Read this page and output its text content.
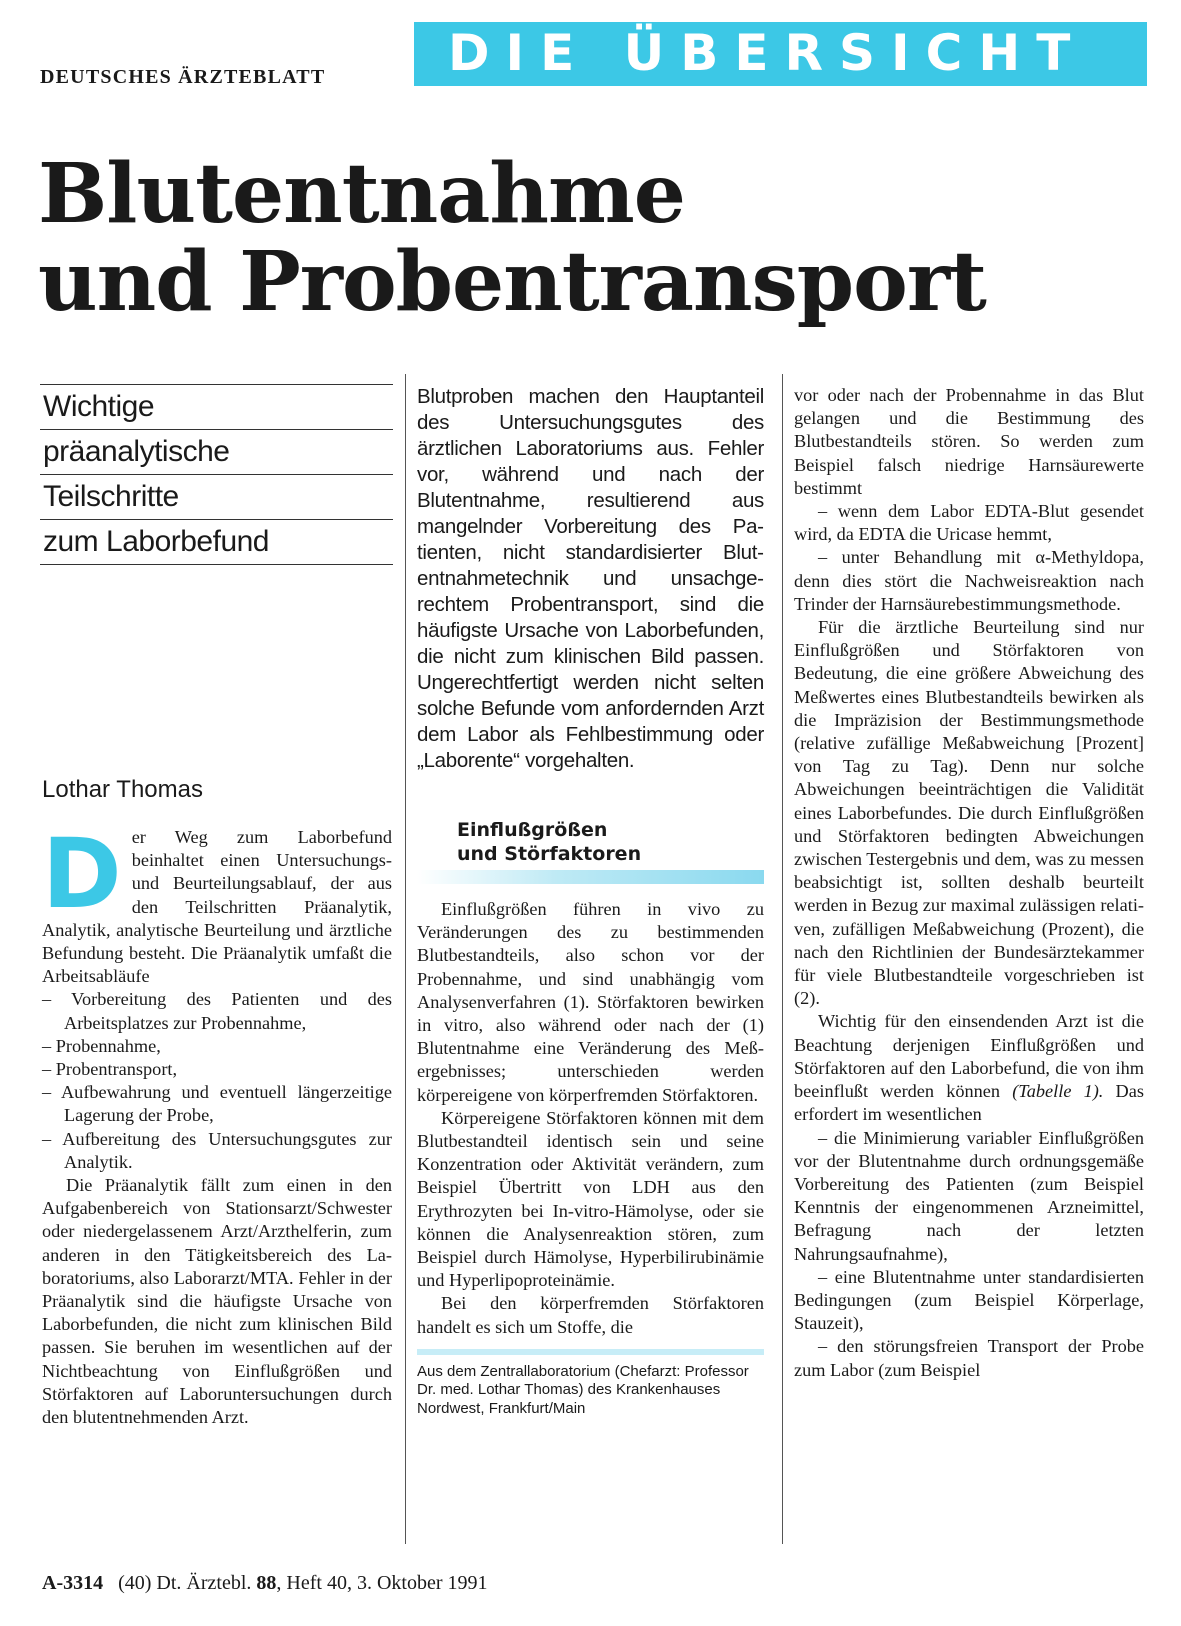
DEUTSCHES ÄRZTEBLATT DIE ÜBERSICHT
Blutentnahme
und Probentransport
Wichtige
präanalytische
Teilschritte
zum Laborbefund
Lothar Thomas
D er Weg zum Laborbefund beinhaltet einen Untersuchungs- und Beurteilungsablauf, der aus den Teilschritten Präanalytik, Analytik, analytische Beurteilung und ärztliche Befundung besteht. Die Präanalytik umfaßt die Arbeitsabläufe

– Vorbereitung des Patienten und des Arbeitsplatzes zur Probennahme,
– Probennahme,
– Probentransport,
– Aufbewahrung und eventuell längerzeitige Lagerung der Probe,
– Aufbereitung des Untersuchungsgutes zur Analytik.

Die Präanalytik fällt zum einen in den Aufgabenbereich von Stationsarzt/Schwester oder niedergelassenem Arzt/Arzthelferin, zum anderen in den Tätigkeitsbereich des Laboratoriums, also Laborarzt/MTA. Fehler in der Präanalytik sind die häufigste Ursache von Laborbefunden, die nicht zum klinischen Bild passen. Sie beruhen im wesentlichen auf der Nichtbeachtung von Einflußgrößen und Störfaktoren auf Laboruntersuchungen durch den blutentnehmenden Arzt.

Blutproben machen den Hauptanteil des Untersuchungsgutes des ärztlichen Laboratoriums aus. Fehler vor, während und nach der Blutentnahme, resultierend aus mangelnder Vorbereitung des Patienten, nicht standardisierter Blutentnahmetechnik und unsachgerechtem Probentransport, sind die häufigste Ursache von Laborbefunden, die nicht zum klinischen Bild passen. Ungerechtfertigt werden nicht selten solche Befunde vom anfordernden Arzt dem Labor als Fehlbestimmung oder „Laborente“ vorgehalten.

Einflußgrößen
und Störfaktoren

Einflußgrößen führen in vivo zu Veränderungen des zu bestimmenden Blutbestandteils, also schon vor der Probennahme, und sind unabhängig vom Analysenverfahren (1). Störfaktoren bewirken in vitro, also während oder nach der (1) Blutentnahme eine Veränderung des Meßergebnisses; unterschieden werden körpereigene von körperfremden Störfaktoren.

Körpereigene Störfaktoren können mit dem Blutbestandteil identisch sein und seine Konzentration oder Aktivität verändern, zum Beispiel Übertritt von LDH aus den Erythrozyten bei In-vitro-Hämolyse, oder sie können die Analysenreaktion stören, zum Beispiel durch Hämolyse, Hyperbilirubinämie und Hyperlipoproteinämie.

Bei den körperfremden Störfaktoren handelt es sich um Stoffe, die

Aus dem Zentrallaboratorium (Chefarzt: Professor Dr. med. Lothar Thomas) des Krankenhauses Nordwest, Frankfurt/Main

vor oder nach der Probennahme in das Blut gelangen und die Bestimmung des Blutbestandteils stören. So werden zum Beispiel falsch niedrige Harnsäurewerte bestimmt

– wenn dem Labor EDTA-Blut gesendet wird, da EDTA die Uricase hemmt,

– unter Behandlung mit α-Methyldopa, denn dies stört die Nachweisreaktion nach Trinder der Harnsäurebestimmungsmethode.

Für die ärztliche Beurteilung sind nur Einflußgrößen und Störfaktoren von Bedeutung, die eine größere Abweichung des Meßwertes eines Blutbestandteils bewirken als die Impräzision der Bestimmungsmethode (relative zufällige Meßabweichung [Prozent] von Tag zu Tag). Denn nur solche Abweichungen beeinträchtigen die Validität eines Laborbefundes. Die durch Einflußgrößen und Störfaktoren bedingten Abweichungen zwischen Testergebnis und dem, was zu messen beabsichtigt ist, sollten deshalb beurteilt werden in Bezug zur maximal zulässigen relativen, zufälligen Meßabweichung (Prozent), die nach den Richtlinien der Bundesärztekammer für viele Blutbestandteile vorgeschrieben ist (2).

Wichtig für den einsendenden Arzt ist die Beachtung derjenigen Einflußgrößen und Störfaktoren auf den Laborbefund, die von ihm beeinflußt werden können (Tabelle 1). Das erfordert im wesentlichen

– die Minimierung variabler Einflußgrößen vor der Blutentnahme durch ordnungsgemäße Vorbereitung des Patienten (zum Beispiel Kenntnis der eingenommenen Arzneimittel, Befragung nach der letzten Nahrungsaufnahme),

– eine Blutentnahme unter standardisierten Bedingungen (zum Beispiel Körperlage, Stauzeit),

– den störungsfreien Transport der Probe zum Labor (zum Beispiel

A-3314 (40) Dt. Ärztebl. 88, Heft 40, 3. Oktober 1991
